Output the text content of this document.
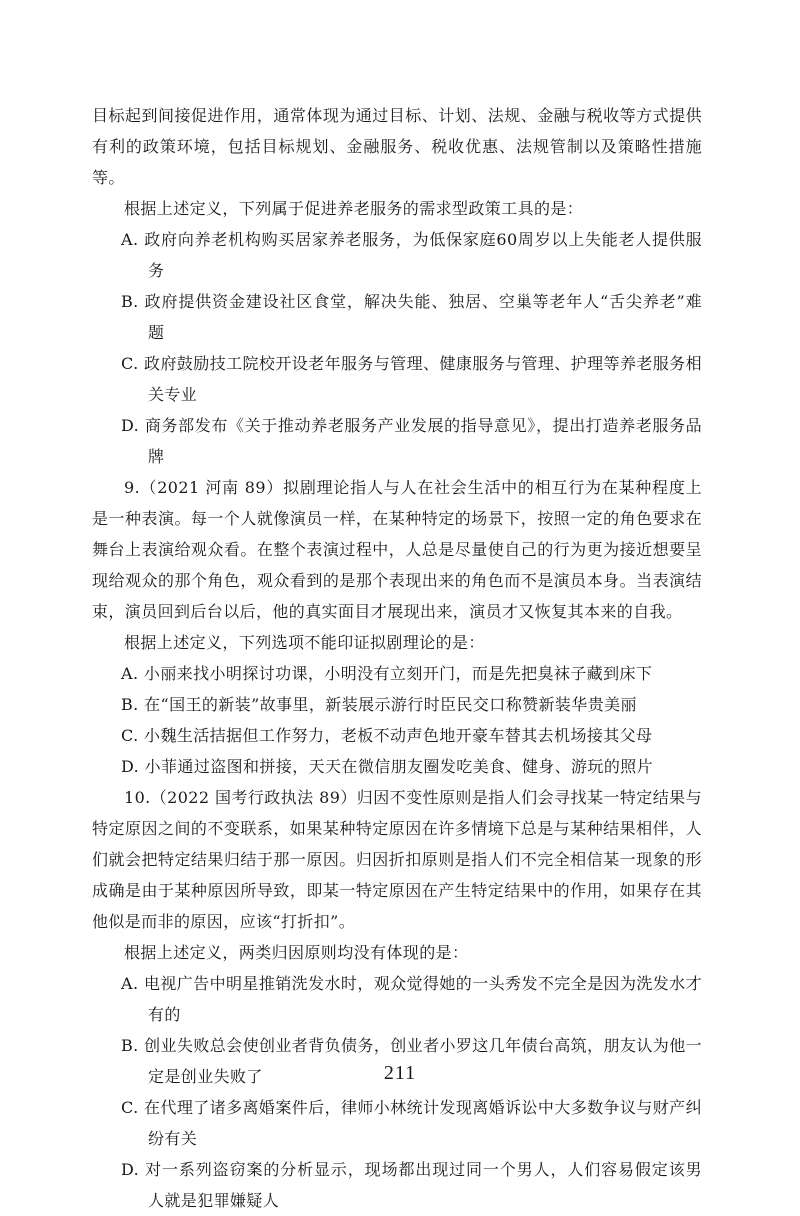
目标起到间接促进作用，通常体现为通过目标、计划、法规、金融与税收等方式提供有利的政策环境，包括目标规划、金融服务、税收优惠、法规管制以及策略性措施等。

根据上述定义，下列属于促进养老服务的需求型政策工具的是：

A. 政府向养老机构购买居家养老服务，为低保家庭60周岁以上失能老人提供服务

B. 政府提供资金建设社区食堂，解决失能、独居、空巢等老年人“舌尖养老”难题

C. 政府鼓励技工院校开设老年服务与管理、健康服务与管理、护理等养老服务相关专业

D. 商务部发布《关于推动养老服务产业发展的指导意见》，提出打造养老服务品牌

9.（2021 河南 89）拟剧理论指人与人在社会生活中的相互行为在某种程度上是一种表演。每一个人就像演员一样，在某种特定的场景下，按照一定的角色要求在舞台上表演给观众看。在整个表演过程中，人总是尽量使自己的行为更为接近想要呈现给观众的那个角色，观众看到的是那个表现出来的角色而不是演员本身。当表演结束，演员回到后台以后，他的真实面目才展现出来，演员才又恢复其本来的自我。

根据上述定义，下列选项不能印证拟剧理论的是：

A. 小丽来找小明探讨功课，小明没有立刻开门，而是先把臭袜子藏到床下

B. 在“国王的新装”故事里，新装展示游行时臣民交口称赞新装华贵美丽

C. 小魏生活拮据但工作努力，老板不动声色地开豪车替其去机场接其父母

D. 小菲通过盗图和拼接，天天在微信朋友圈发吃美食、健身、游玩的照片

10.（2022 国考行政执法 89）归因不变性原则是指人们会寻找某一特定结果与特定原因之间的不变联系，如果某种特定原因在许多情境下总是与某种结果相伴，人们就会把特定结果归结于那一原因。归因折扣原则是指人们不完全相信某一现象的形成确是由于某种原因所导致，即某一特定原因在产生特定结果中的作用，如果存在其他似是而非的原因，应该“打折扣”。

根据上述定义，两类归因原则均没有体现的是：

A. 电视广告中明星推销洗发水时，观众觉得她的一头秀发不完全是因为洗发水才有的

B. 创业失败总会使创业者背负债务，创业者小罗这几年债台高筑，朋友认为他一定是创业失败了

C. 在代理了诸多离婚案件后，律师小林统计发现离婚诉讼中大多数争议与财产纠纷有关

D. 对一系列盗窃案的分析显示，现场都出现过同一个男人，人们容易假定该男人就是犯罪嫌疑人

211
